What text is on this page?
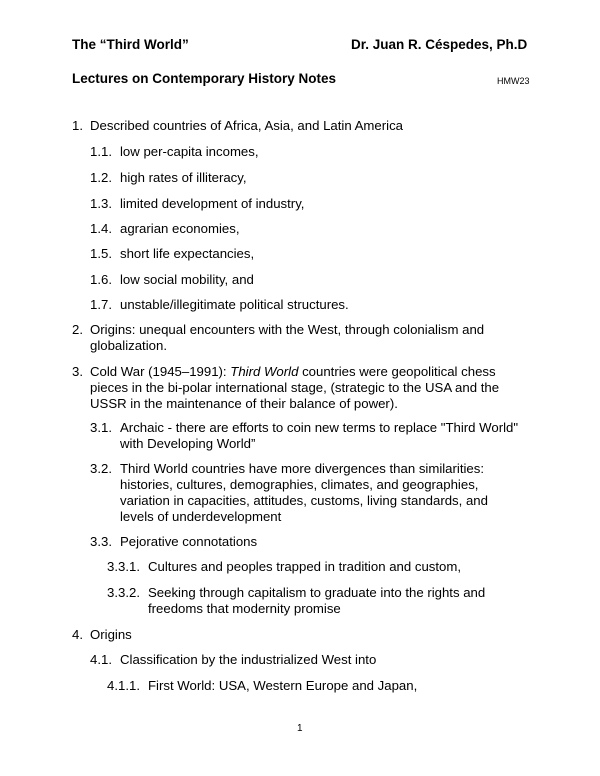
The “Third World”	Dr. Juan R. Céspedes, Ph.D
Lectures on Contemporary History Notes	HMW23
1. Described countries of Africa, Asia, and Latin America
1.1. low per-capita incomes,
1.2. high rates of illiteracy,
1.3. limited development of industry,
1.4. agrarian economies,
1.5. short life expectancies,
1.6. low social mobility, and
1.7. unstable/illegitimate political structures.
2. Origins: unequal encounters with the West, through colonialism and globalization.
3. Cold War (1945–1991): Third World countries were geopolitical chess pieces in the bi-polar international stage, (strategic to the USA and the USSR in the maintenance of their balance of power).
3.1. Archaic - there are efforts to coin new terms to replace "Third World" with Developing World”
3.2. Third World countries have more divergences than similarities: histories, cultures, demographies, climates, and geographies, variation in capacities, attitudes, customs, living standards, and levels of underdevelopment
3.3. Pejorative connotations
3.3.1. Cultures and peoples trapped in tradition and custom,
3.3.2. Seeking through capitalism to graduate into the rights and freedoms that modernity promise
4. Origins
4.1. Classification by the industrialized West into
4.1.1. First World: USA, Western Europe and Japan,
1
